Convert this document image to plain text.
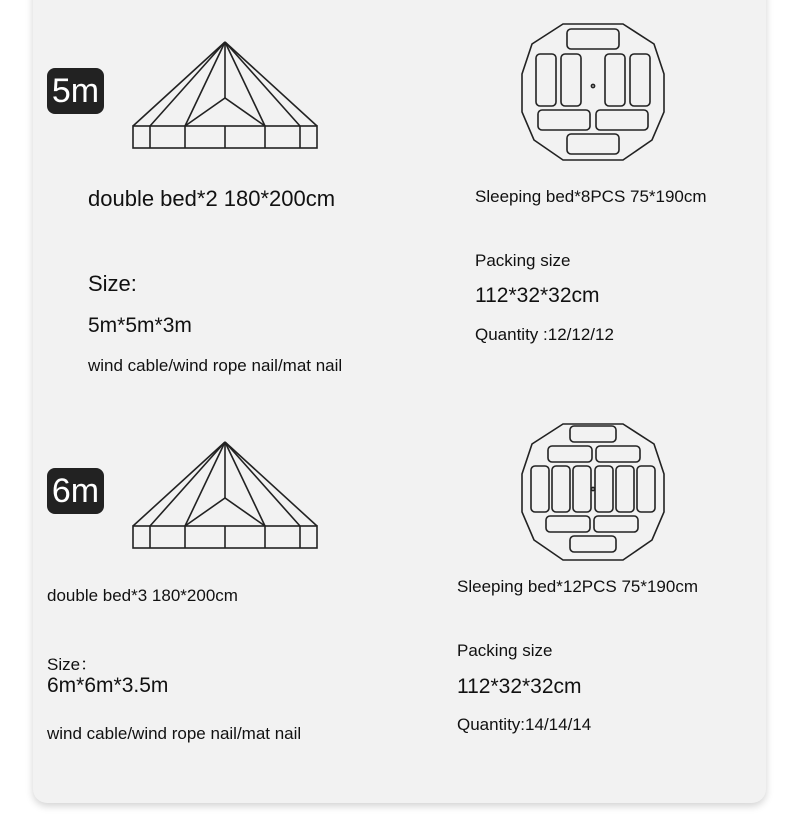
5m
double bed*2 180*200cm
Size:
5m*5m*3m
wind cable/wind rope nail/mat nail
Sleeping bed*8PCS 75*190cm
Packing size
112*32*32cm
Quantity :12/12/12
6m
double bed*3 180*200cm
Size：
6m*6m*3.5m
wind cable/wind rope nail/mat nail
Sleeping bed*12PCS 75*190cm
Packing size
112*32*32cm
Quantity:14/14/14
